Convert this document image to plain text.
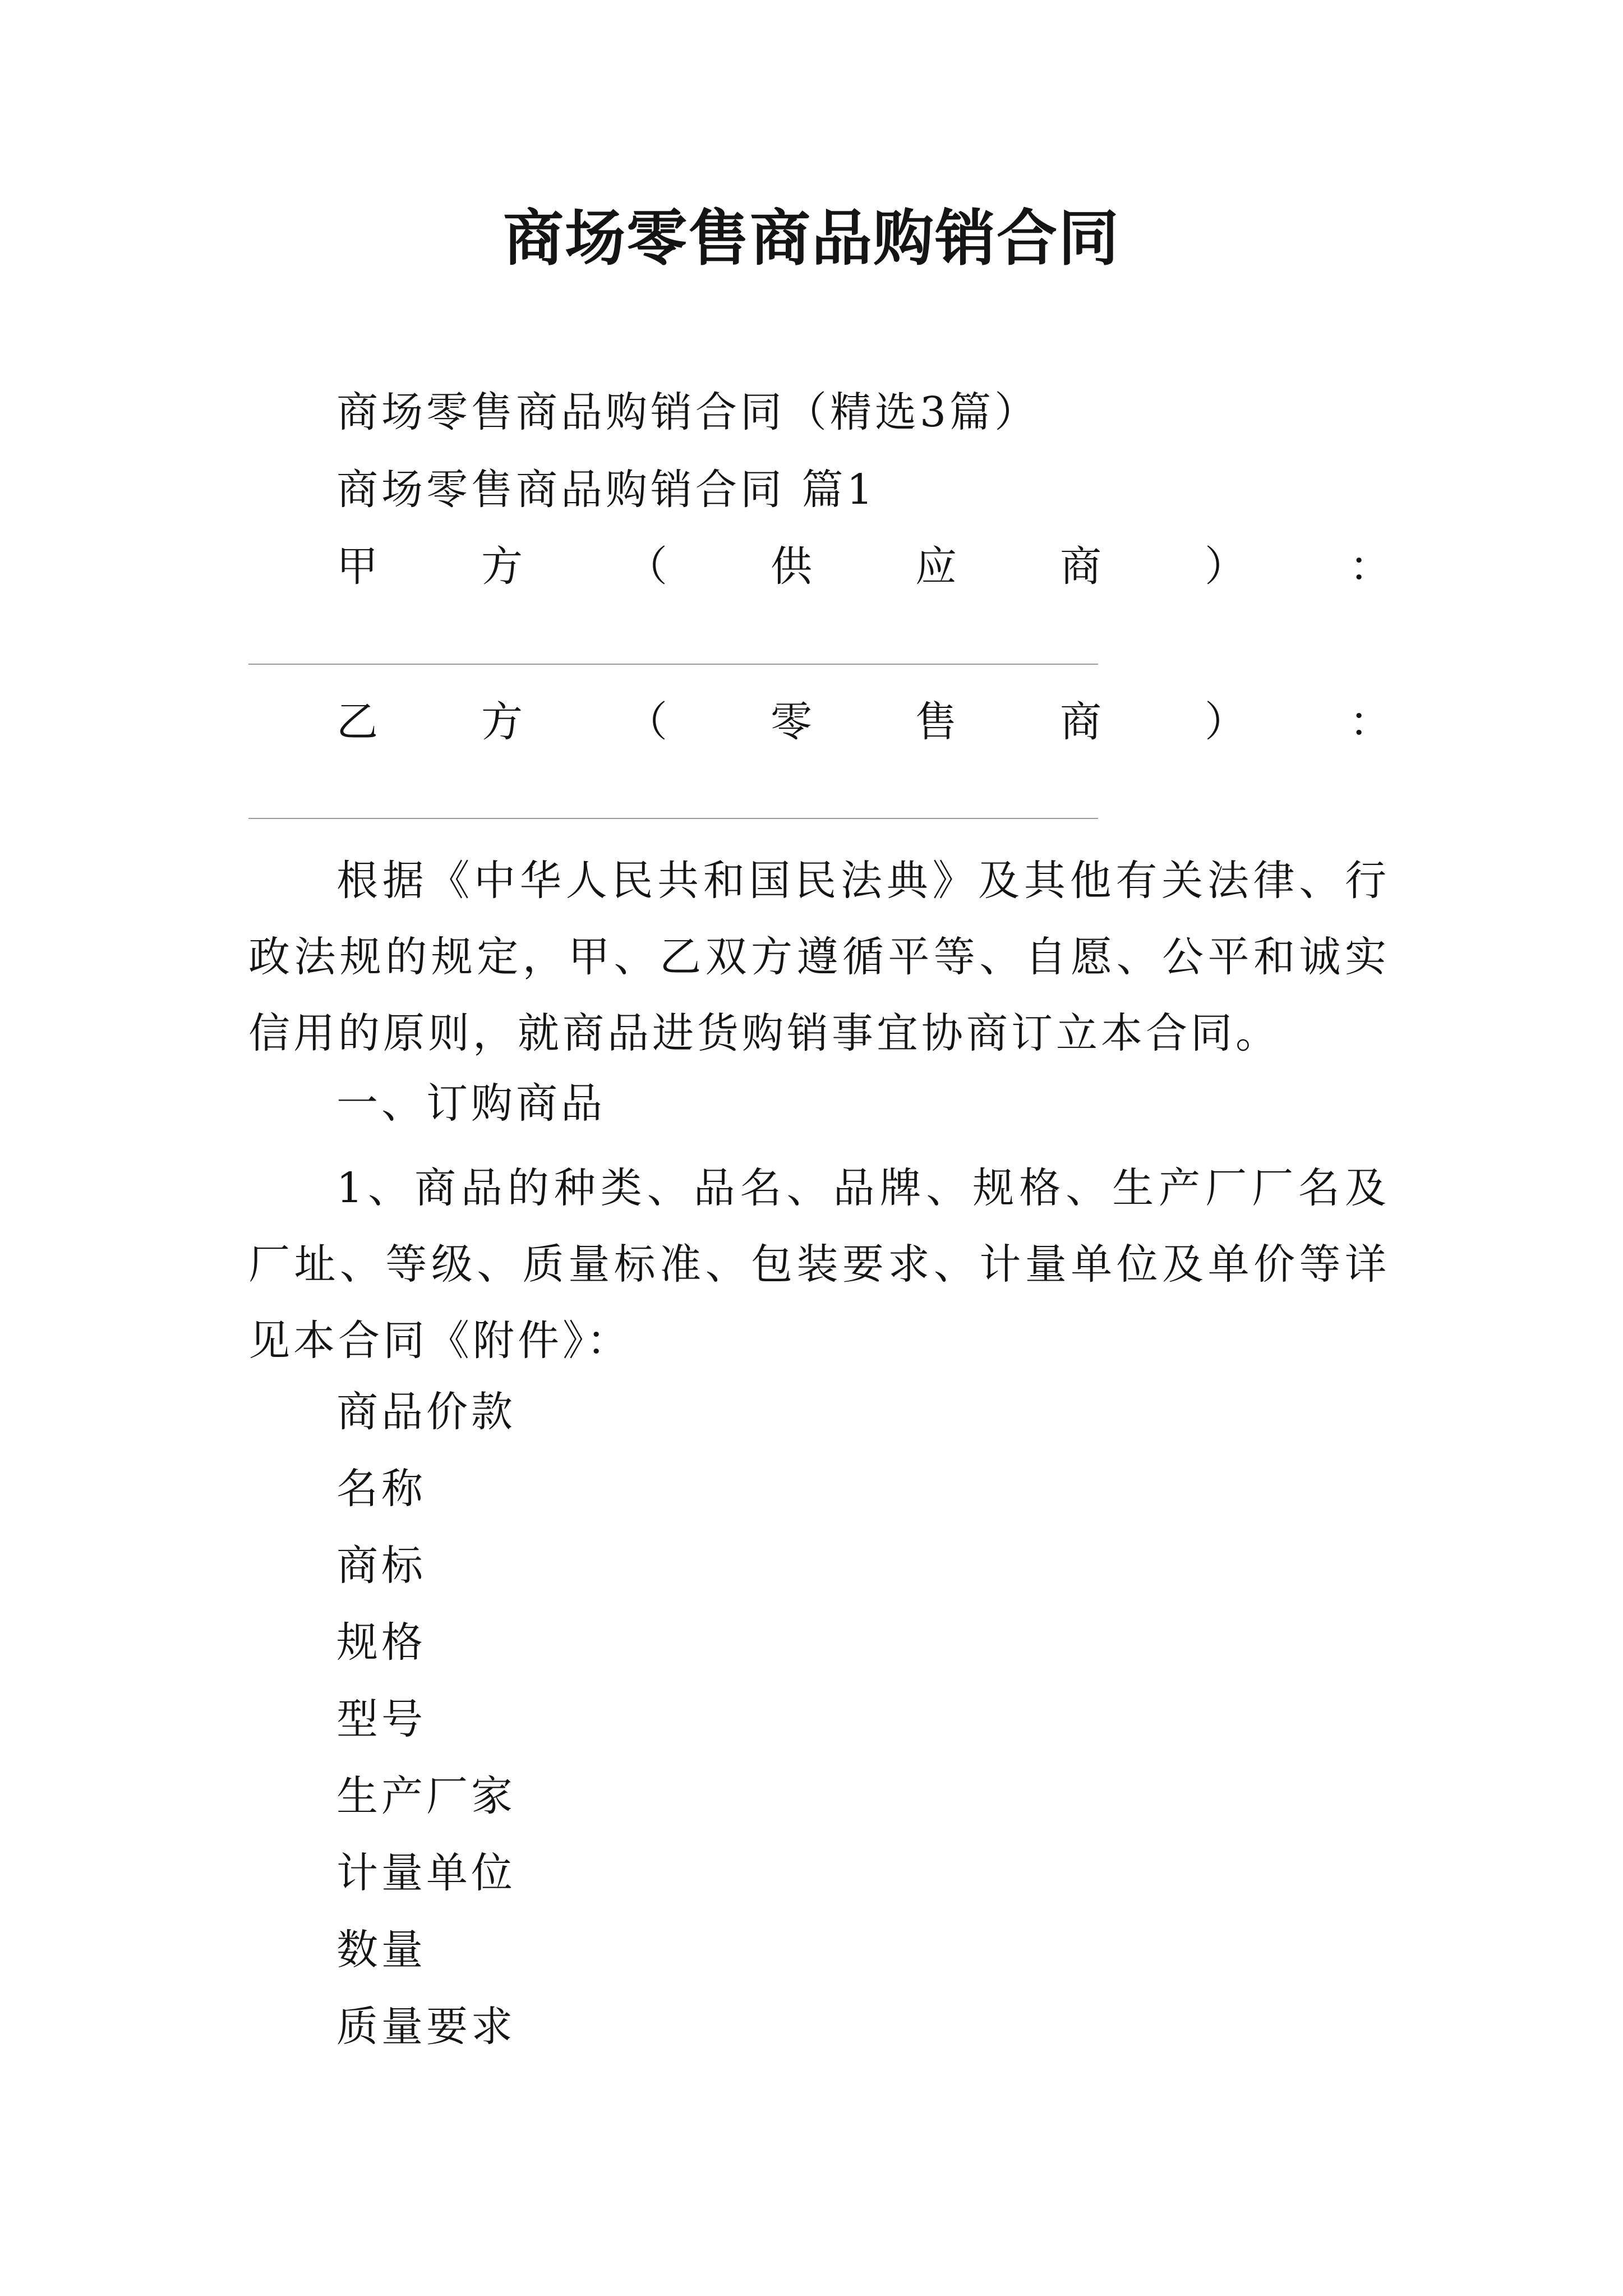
商场零售商品购销合同
商场零售商品购销合同（精选3篇）
商场零售商品购销合同 篇1
甲 方 （ 供 应 商 ） ：
乙 方 （ 零 售 商 ） ：

根据《中华人民共和国民法典》及其他有关法律、行政法规的规定，甲、乙双方遵循平等、自愿、公平和诚实信用的原则，就商品进货购销事宜协商订立本合同。

一、订购商品

1、商品的种类、品名、品牌、规格、生产厂厂名及厂址、等级、质量标准、包装要求、计量单位及单价等详见本合同《附件》：

商品价款
名称
商标
规格
型号
生产厂家
计量单位
数量
质量要求
